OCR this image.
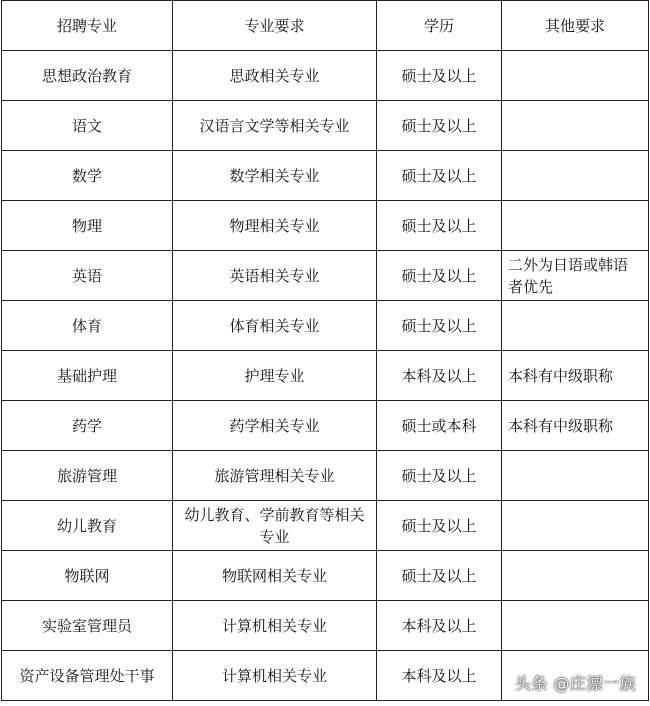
招聘专业	专业要求	学历	其他要求
思想政治教育	思政相关专业	硕士及以上	
语文	汉语言文学等相关专业	硕士及以上	
数学	数学相关专业	硕士及以上	
物理	物理相关专业	硕士及以上	
英语	英语相关专业	硕士及以上	二外为日语或韩语者优先
体育	体育相关专业	硕士及以上	
基础护理	护理专业	本科及以上	本科有中级职称
药学	药学相关专业	硕士或本科	本科有中级职称
旅游管理	旅游管理相关专业	硕士及以上	
幼儿教育	幼儿教育、学前教育等相关专业	硕士及以上	
物联网	物联网相关专业	硕士及以上	
实验室管理员	计算机相关专业	本科及以上	
资产设备管理处干事	计算机相关专业	本科及以上	头条 @庄漂一族
